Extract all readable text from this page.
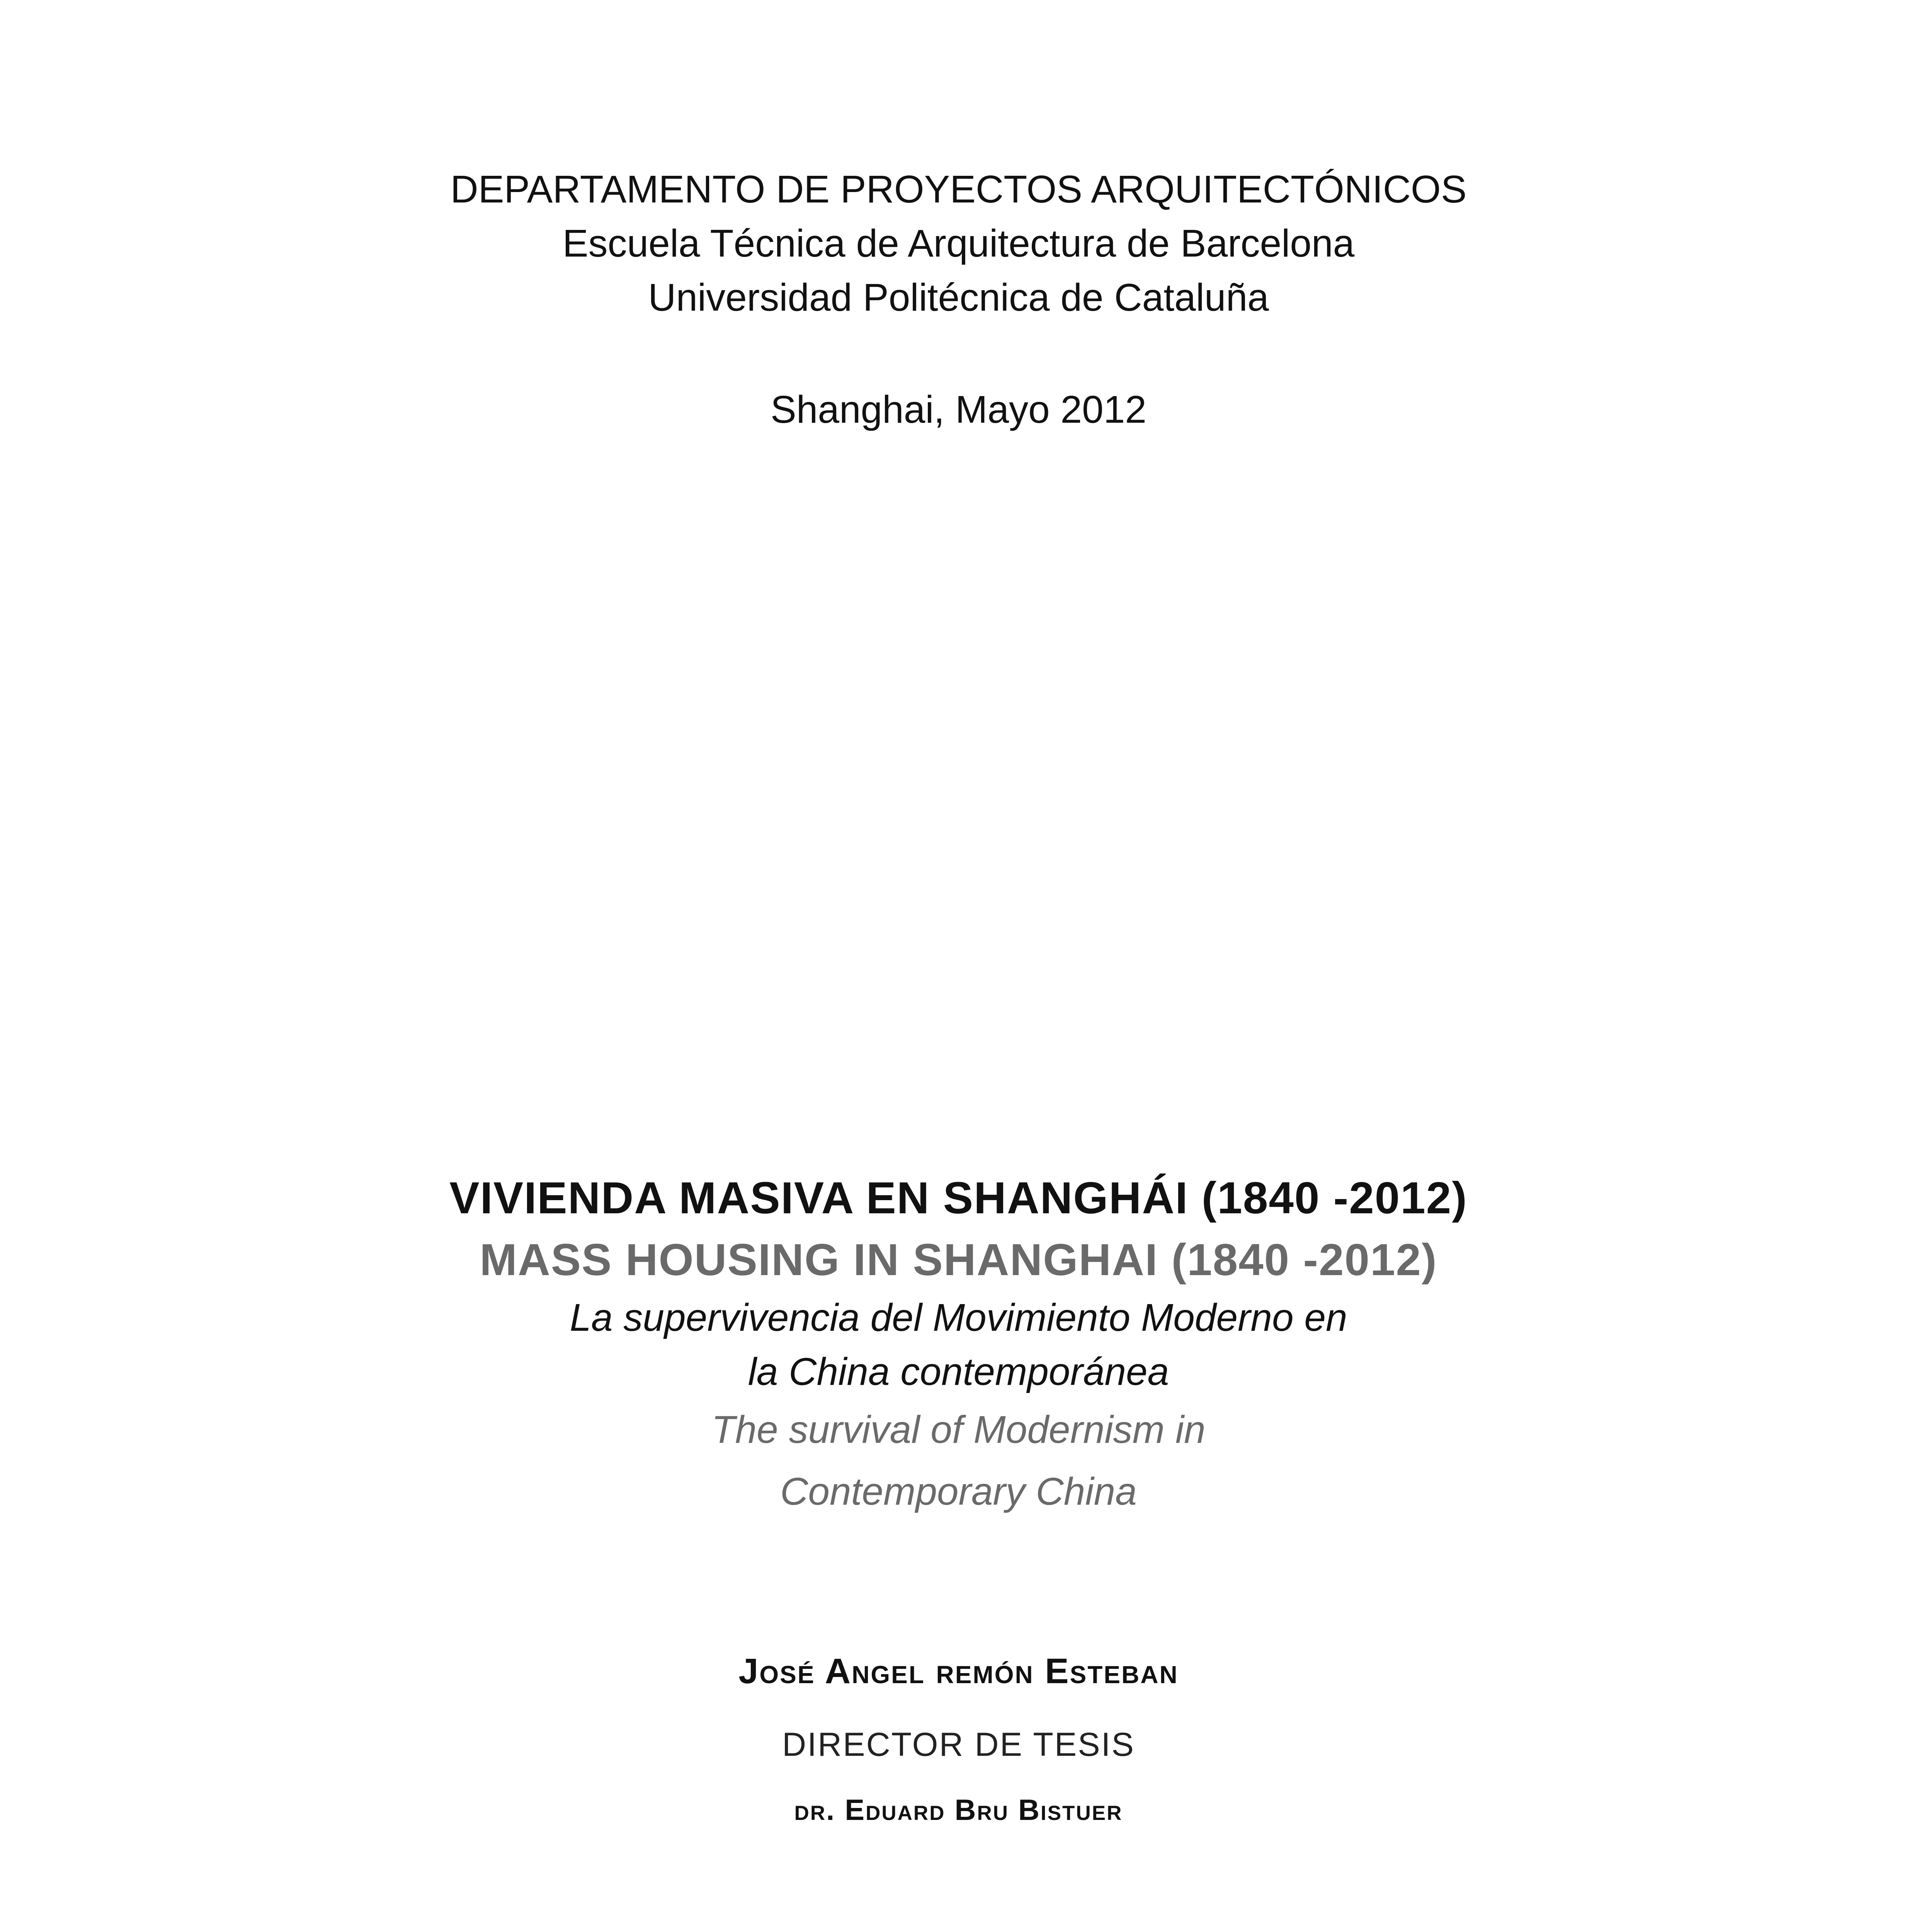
DEPARTAMENTO DE PROYECTOS ARQUITECTÓNICOS
Escuela Técnica de Arquitectura de Barcelona
Universidad Politécnica de Cataluña
Shanghai, Mayo 2012
VIVIENDA MASIVA EN SHANGHÁI (1840 -2012)
MASS HOUSING IN SHANGHAI (1840 -2012)
La supervivencia del Movimiento Moderno en
la China contemporánea
The survival of Modernism in
Contemporary China
José Angel remón Esteban
DIRECTOR DE TESIS
dr. Eduard Bru Bistuer
